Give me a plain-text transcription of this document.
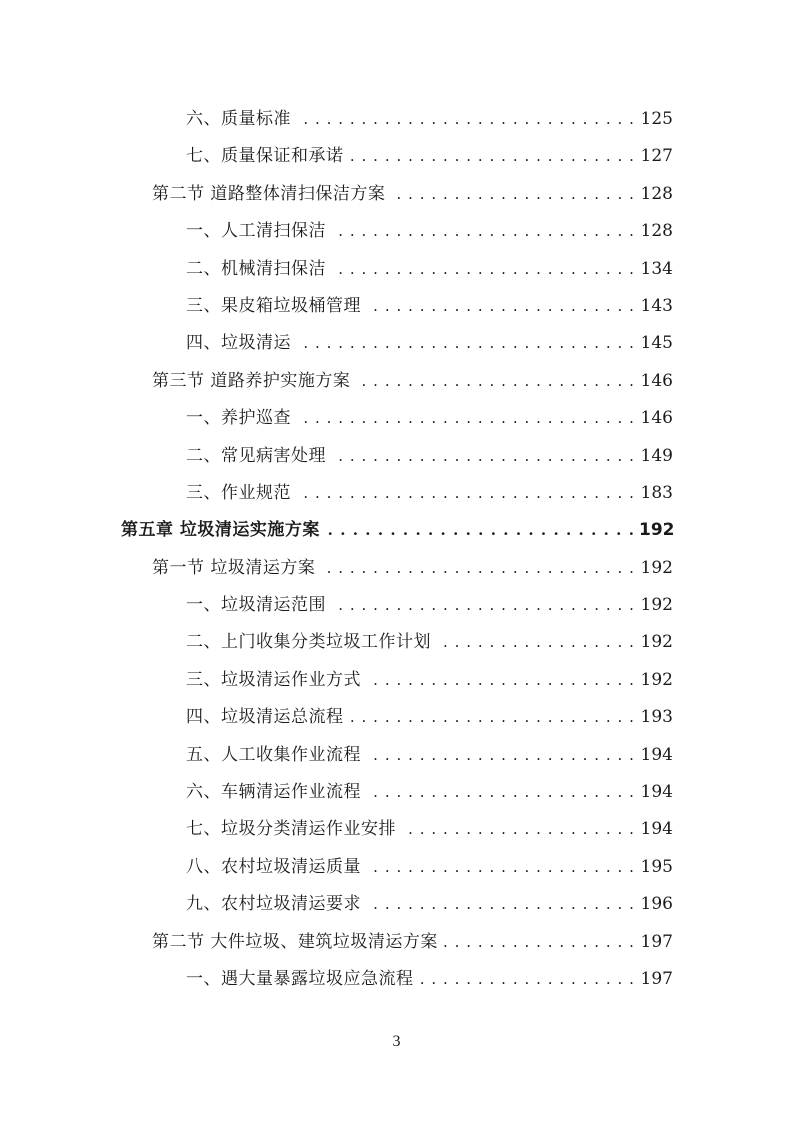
六、质量标准 . . .	125
七、质量保证和承诺 . . .	127
第二节 道路整体清扫保洁方案 . . .	128
一、人工清扫保洁 . . .	128
二、机械清扫保洁 . . .	134
三、果皮箱垃圾桶管理 . . .	143
四、垃圾清运 . . .	145
第三节 道路养护实施方案 . . .	146
一、养护巡查 . . .	146
二、常见病害处理 . . .	149
三、作业规范 . . .	183
第五章 垃圾清运实施方案 . . .	192
第一节 垃圾清运方案 . . .	192
一、垃圾清运范围 . . .	192
二、上门收集分类垃圾工作计划 . . .	192
三、垃圾清运作业方式 . . .	192
四、垃圾清运总流程 . . .	193
五、人工收集作业流程 . . .	194
六、车辆清运作业流程 . . .	194
七、垃圾分类清运作业安排 . . .	194
八、农村垃圾清运质量 . . .	195
九、农村垃圾清运要求 . . .	196
第二节 大件垃圾、建筑垃圾清运方案 . . .	197
一、遇大量暴露垃圾应急流程 . . .	197
3
